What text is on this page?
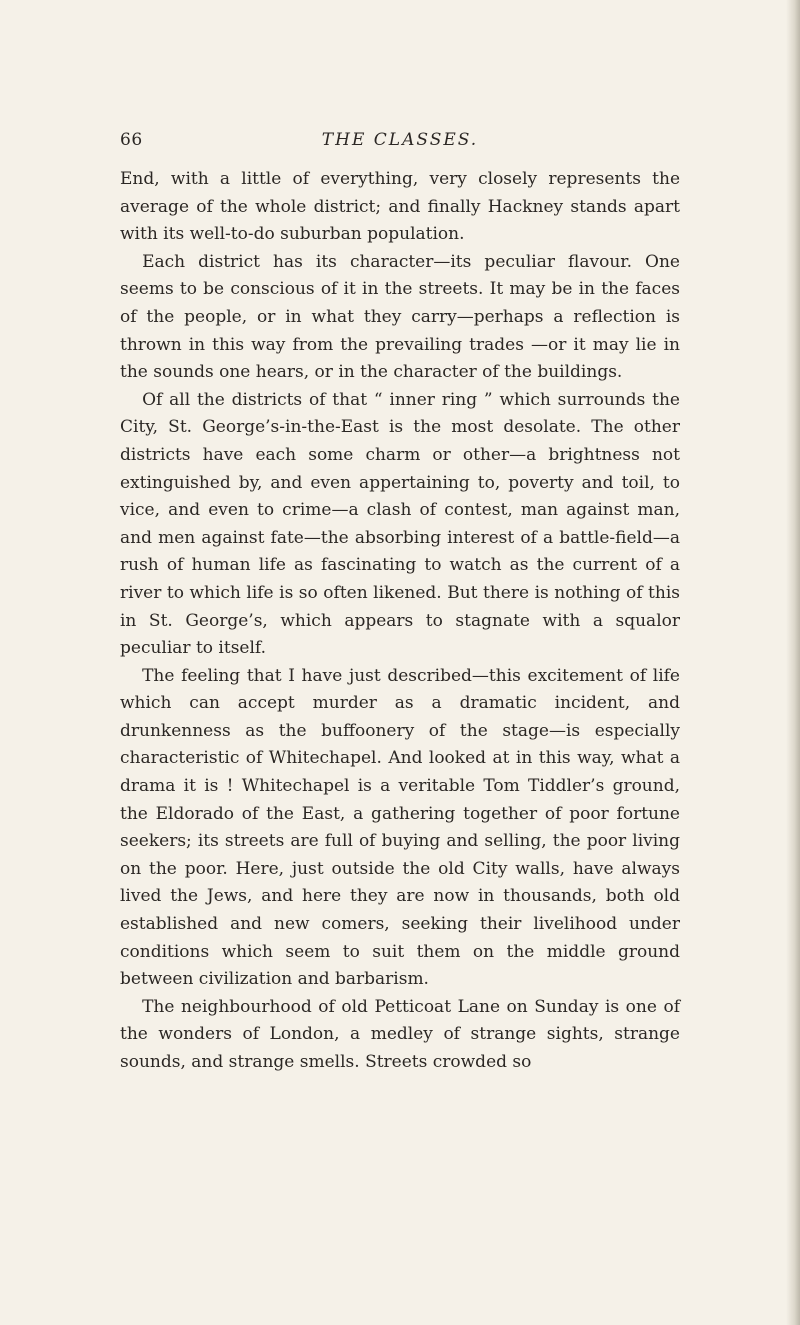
66	THE CLASSES.

End, with a little of everything, very closely represents the average of the whole district; and finally Hackney stands apart with its well-to-do suburban population.

Each district has its character—its peculiar flavour. One seems to be conscious of it in the streets. It may be in the faces of the people, or in what they carry—perhaps a reflection is thrown in this way from the prevailing trades —or it may lie in the sounds one hears, or in the character of the buildings.

Of all the districts of that “ inner ring ” which surrounds the City, St. George’s-in-the-East is the most desolate. The other districts have each some charm or other—a brightness not extinguished by, and even appertaining to, poverty and toil, to vice, and even to crime—a clash of contest, man against man, and men against fate—the absorbing interest of a battle-field—a rush of human life as fascinating to watch as the current of a river to which life is so often likened. But there is nothing of this in St. George’s, which appears to stagnate with a squalor peculiar to itself.

The feeling that I have just described—this excitement of life which can accept murder as a dramatic incident, and drunkenness as the buffoonery of the stage—is especially characteristic of Whitechapel. And looked at in this way, what a drama it is ! Whitechapel is a veritable Tom Tiddler’s ground, the Eldorado of the East, a gathering together of poor fortune seekers; its streets are full of buying and selling, the poor living on the poor. Here, just outside the old City walls, have always lived the Jews, and here they are now in thousands, both old established and new comers, seeking their livelihood under conditions which seem to suit them on the middle ground between civilization and barbarism.

The neighbourhood of old Petticoat Lane on Sunday is one of the wonders of London, a medley of strange sights, strange sounds, and strange smells. Streets crowded so
